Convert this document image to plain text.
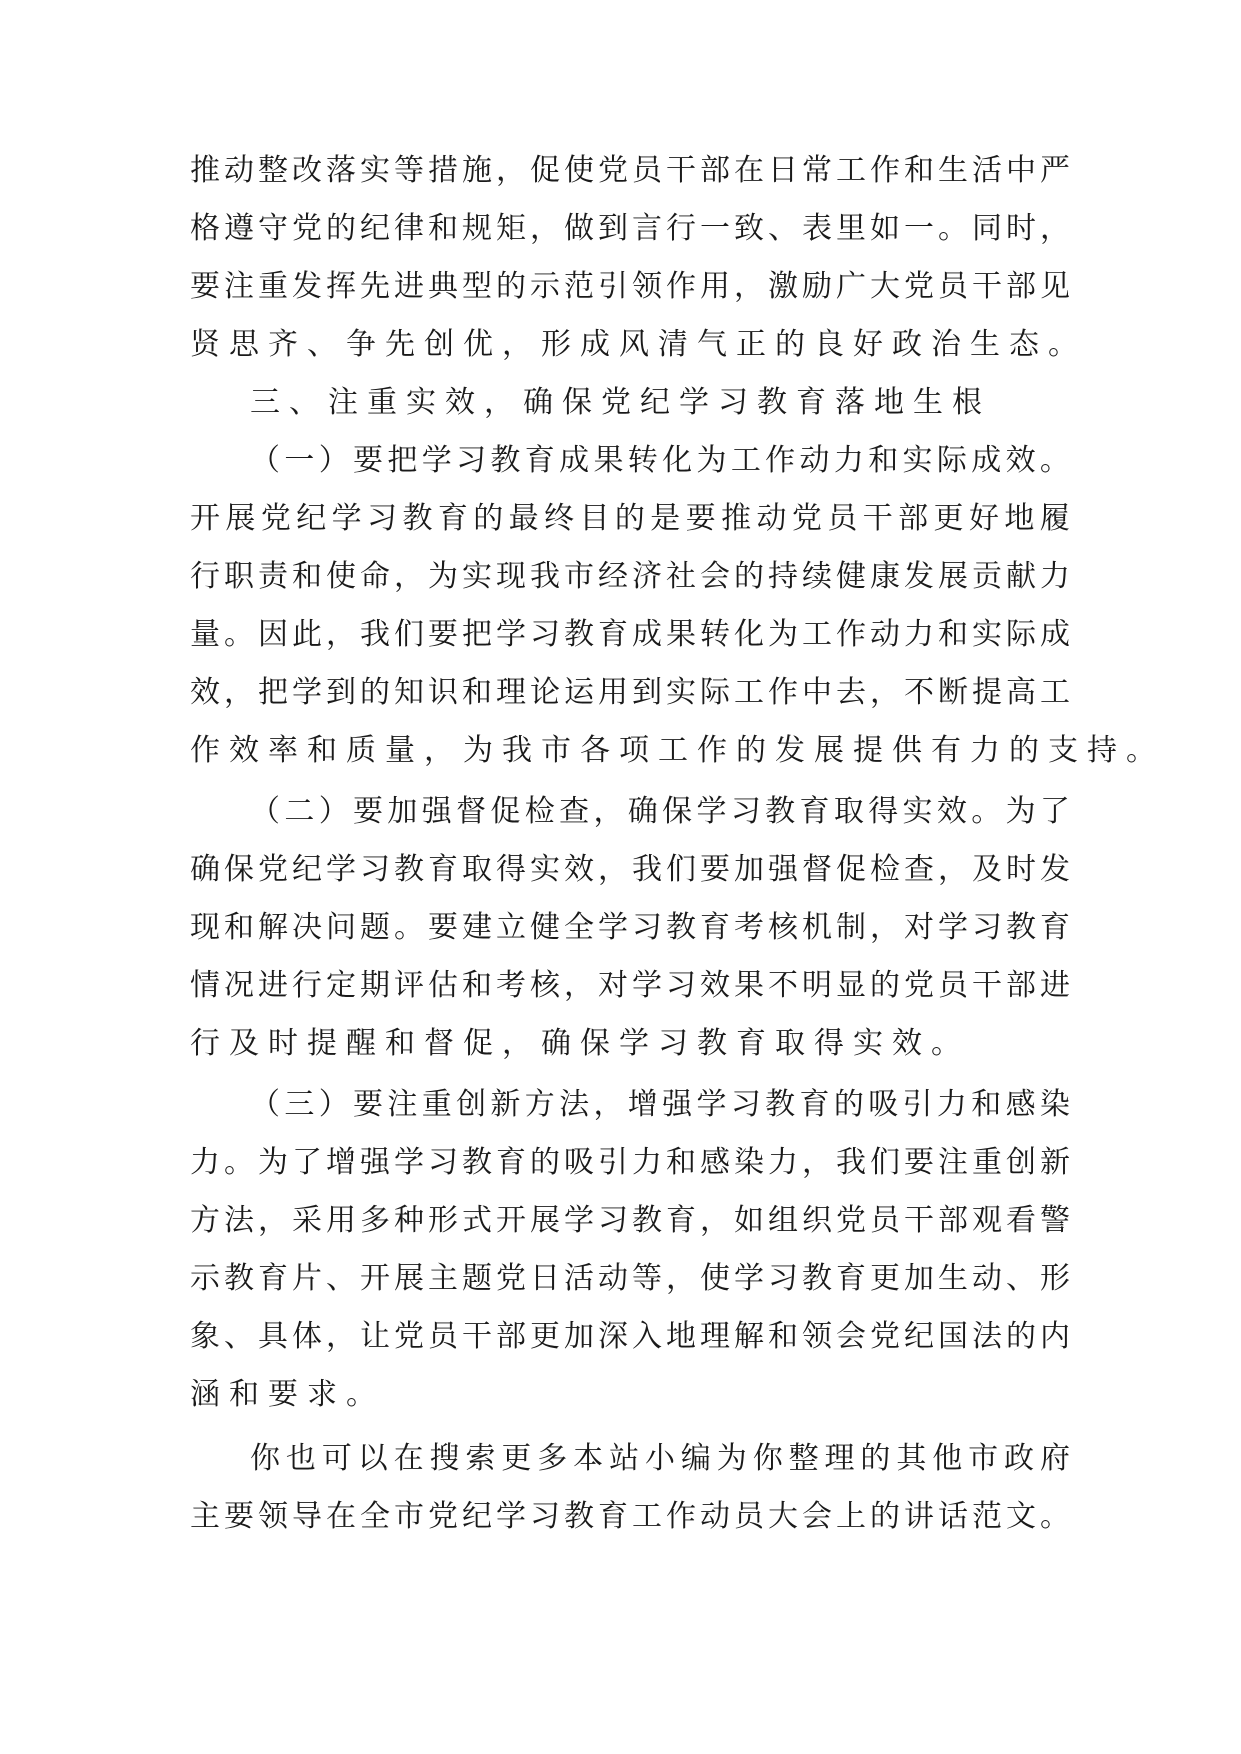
推 动 整 改 落 实 等 措 施 ， 促 使 党 员 干 部 在 日 常 工 作 和 生 活 中 严
格 遵 守 党 的 纪 律 和 规 矩 ， 做 到 言 行 一 致 、 表 里 如 一 。 同 时 ，
要 注 重 发 挥 先 进 典 型 的 示 范 引 领 作 用 ， 激 励 广 大 党 员 干 部 见
贤思齐、争先创优，形成风清气正的良好政治生态。
三、注重实效，确保党纪学习教育落地生根
（ 一 ） 要 把 学 习 教 育 成 果 转 化 为 工 作 动 力 和 实 际 成 效 。
开 展 党 纪 学 习 教 育 的 最 终 目 的 是 要 推 动 党 员 干 部 更 好 地 履
行 职 责 和 使 命 ， 为 实 现 我 市 经 济 社 会 的 持 续 健 康 发 展 贡 献 力
量 。 因 此 ， 我 们 要 把 学 习 教 育 成 果 转 化 为 工 作 动 力 和 实 际 成
效 ， 把 学 到 的 知 识 和 理 论 运 用 到 实 际 工 作 中 去 ， 不 断 提 高 工
作效率和质量，为我市各项工作的发展提供有力的支持。
（ 二 ） 要 加 强 督 促 检 查 ， 确 保 学 习 教 育 取 得 实 效 。 为 了
确 保 党 纪 学 习 教 育 取 得 实 效 ， 我 们 要 加 强 督 促 检 查 ， 及 时 发
现 和 解 决 问 题 。 要 建 立 健 全 学 习 教 育 考 核 机 制 ， 对 学 习 教 育
情 况 进 行 定 期 评 估 和 考 核 ， 对 学 习 效 果 不 明 显 的 党 员 干 部 进
行及时提醒和督促，确保学习教育取得实效。
（ 三 ） 要 注 重 创 新 方 法 ， 增 强 学 习 教 育 的 吸 引 力 和 感 染
力 。 为 了 增 强 学 习 教 育 的 吸 引 力 和 感 染 力 ， 我 们 要 注 重 创 新
方 法 ， 采 用 多 种 形 式 开 展 学 习 教 育 ， 如 组 织 党 员 干 部 观 看 警
示 教 育 片 、 开 展 主 题 党 日 活 动 等 ， 使 学 习 教 育 更 加 生 动 、 形
象 、 具 体 ， 让 党 员 干 部 更 加 深 入 地 理 解 和 领 会 党 纪 国 法 的 内
涵和要求。
你 也 可 以 在 搜 索 更 多 本 站 小 编 为 你 整 理 的 其 他 市 政 府
主 要 领 导 在 全 市 党 纪 学 习 教 育 工 作 动 员 大 会 上 的 讲 话 范 文 。
